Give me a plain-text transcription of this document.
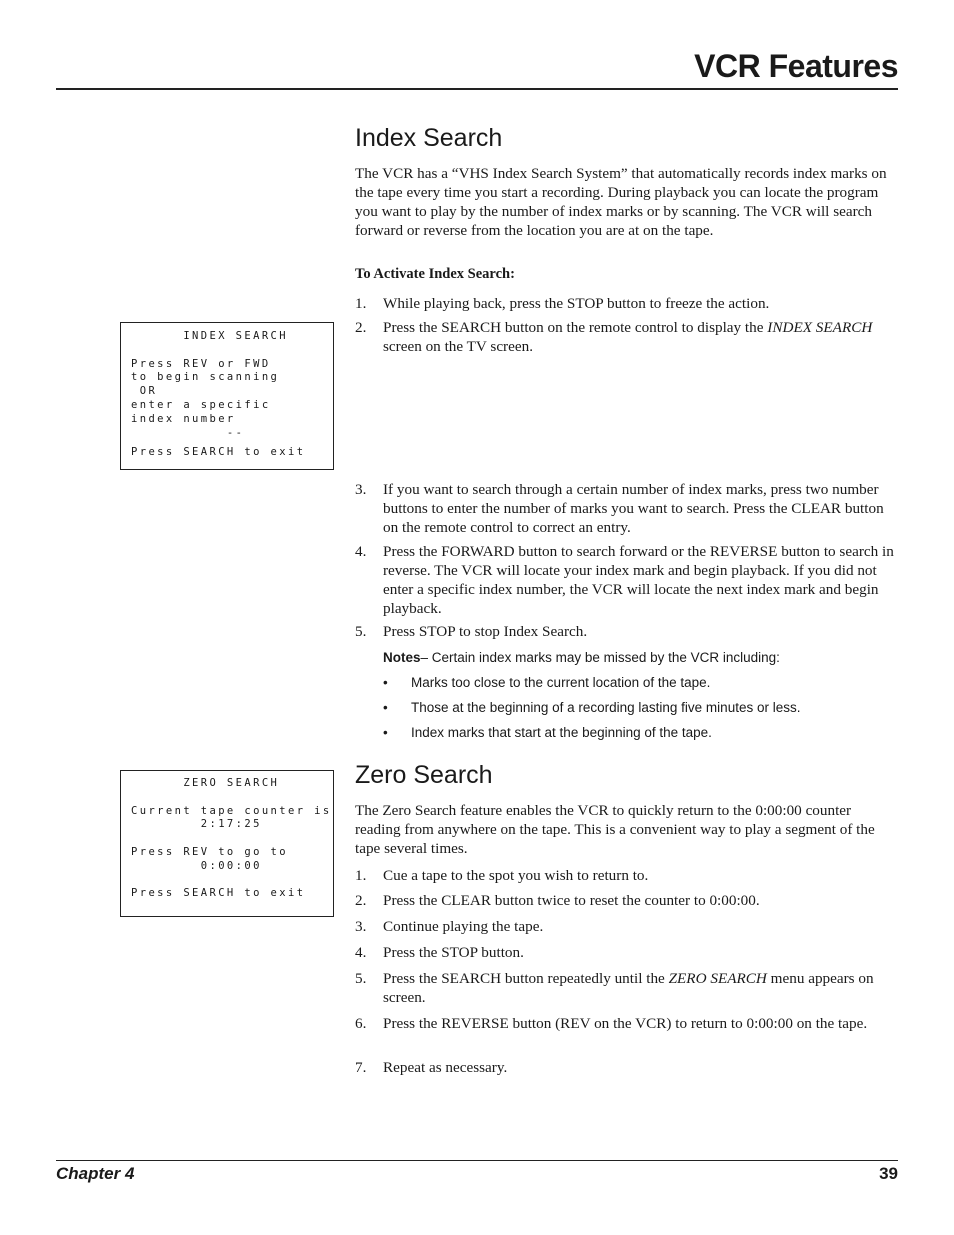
VCR Features
Index Search

The VCR has a “VHS Index Search System” that automatically records index marks on the tape every time you start a recording. During playback you can locate the program you want to play by the number of index marks or by scanning. The VCR will search forward or reverse from the location you are at on the tape.

To Activate Index Search:
1. While playing back, press the STOP button to freeze the action.
2. Press the SEARCH button on the remote control to display the INDEX SEARCH screen on the TV screen.
3. If you want to search through a certain number of index marks, press two number buttons to enter the number of marks you want to search. Press the CLEAR button on the remote control to correct an entry.
4. Press the FORWARD button to search forward or the REVERSE button to search in reverse. The VCR will locate your index mark and begin playback. If you did not enter a specific index number, the VCR will locate the next index mark and begin playback.
5. Press STOP to stop Index Search.
Notes– Certain index marks may be missed by the VCR including:
• Marks too close to the current location of the tape.
• Those at the beginning of a recording lasting five minutes or less.
• Index marks that start at the beginning of the tape.
INDEX SEARCH
Press REV or FWD
to begin scanning
OR
enter a specific
index number
--
Press SEARCH to exit
Zero Search

The Zero Search feature enables the VCR to quickly return to the 0:00:00 counter reading from anywhere on the tape. This is a convenient way to play a segment of the tape several times.

1. Cue a tape to the spot you wish to return to.
2. Press the CLEAR button twice to reset the counter to 0:00:00.
3. Continue playing the tape.
4. Press the STOP button.
5. Press the SEARCH button repeatedly until the ZERO SEARCH menu appears on screen.
6. Press the REVERSE button (REV on the VCR) to return to 0:00:00 on the tape.
7. Repeat as necessary.
ZERO SEARCH
Current tape counter is
2:17:25
Press REV to go to
0:00:00
Press SEARCH to exit
Chapter 4	39
